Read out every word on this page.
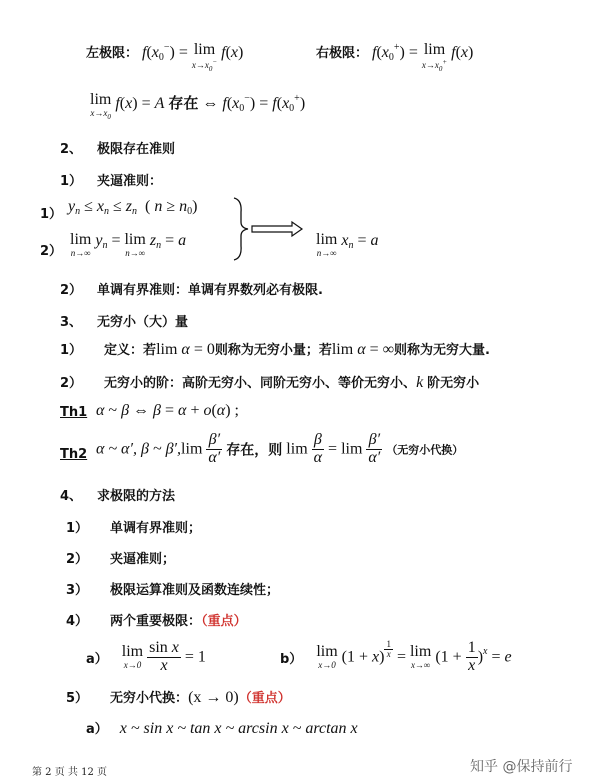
左极限： f(x0−) = lim
$x\to x_0^-$
f(x)	右极限： f(x0+) = lim
$x\to x_0^+$
f(x)
lim
$x\to x_0$
f(x) = A 存在 ⇔ f(x0−) = f(x0+)
2、 极限存在准则
1） 夹逼准则：
1） yn ≤ xn ≤ zn  ( n ≥ n0)
2）
lim
n→∞
yn = lim
n→∞
zn = a	lim
n→∞
xn = a
2） 单调有界准则：单调有界数列必有极限.
3、 无穷小（大）量
1） 定义：若lim α = 0则称为无穷小量；若lim α = ∞则称为无穷大量.
2） 无穷小的阶：高阶无穷小、同阶无穷小、等价无穷小、k 阶无穷小
Th1 α ~ β ⇔ β = α + o(α) ;
Th2 α ~ α′, β ~ $\beta',\lim \frac{\beta'}{\alpha'}$ 存在，则 $\lim \frac{\beta}{\alpha} = \lim \frac{\beta'}{\alpha'}$ （无穷小代换）
4、 求极限的方法
1） 单调有界准则；
2） 夹逼准则；
3） 极限运算准则及函数连续性；
4） 两个重要极限：（重点）
a） lim
x→0
$\frac{\text{sin x}}{x} = 1$	b） lim
x→0 $(1 + x) \frac{1}{x} = \lim$
x→∞ $(1 + \frac{1}{x} )^x = e$
5） 无穷小代换：(x → 0)（重点）
a） x ~ sin x ~ tan x ~ arcsin x ~ arctan x
第 2 页 共 12 页	知乎 @保持前行
